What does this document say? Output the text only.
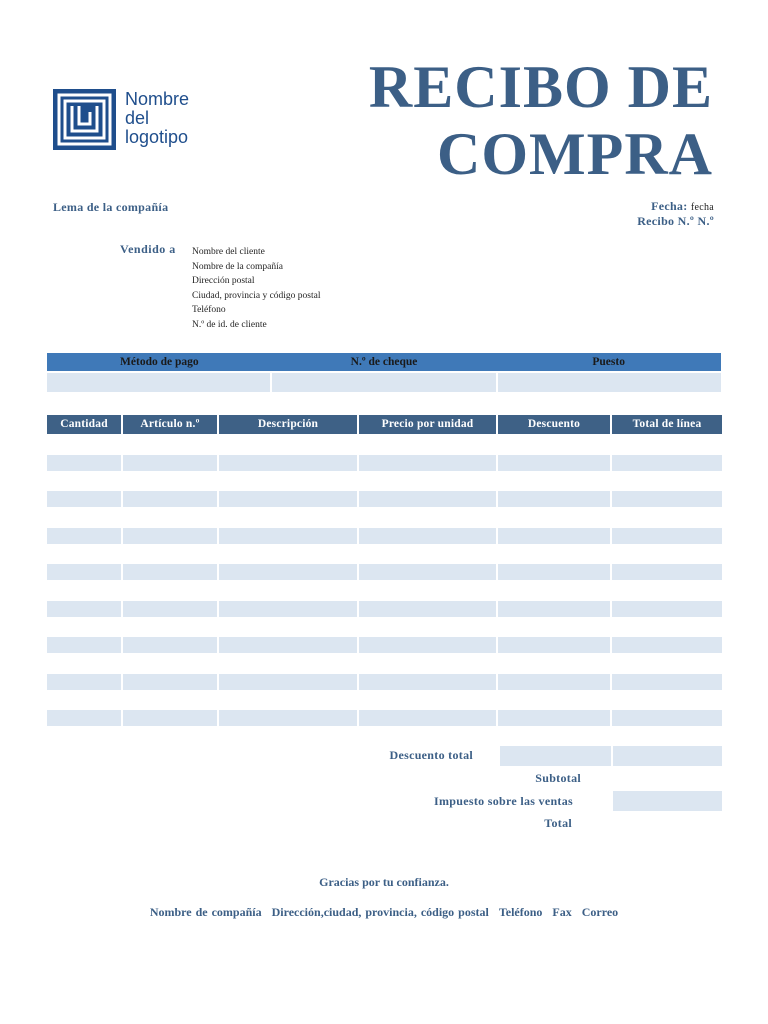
Nombre
del
logotipo
RECIBO DE
COMPRA
Lema de la compañía	Fecha: fecha
Recibo N.º N.º
Vendido a Nombre del cliente
Nombre de la compañía
Dirección postal
Ciudad, provincia y código postal
Teléfono
N.º de id. de cliente
Método de pago	N.º de cheque	Puesto
Cantidad	Artículo n.º	Descripción	Precio por unidad	Descuento	Total de línea
Descuento total
Subtotal
Impuesto sobre las ventas
Total
Gracias por tu confianza.
Nombre de compañía Dirección,ciudad, provincia, código postal Teléfono Fax Correo
